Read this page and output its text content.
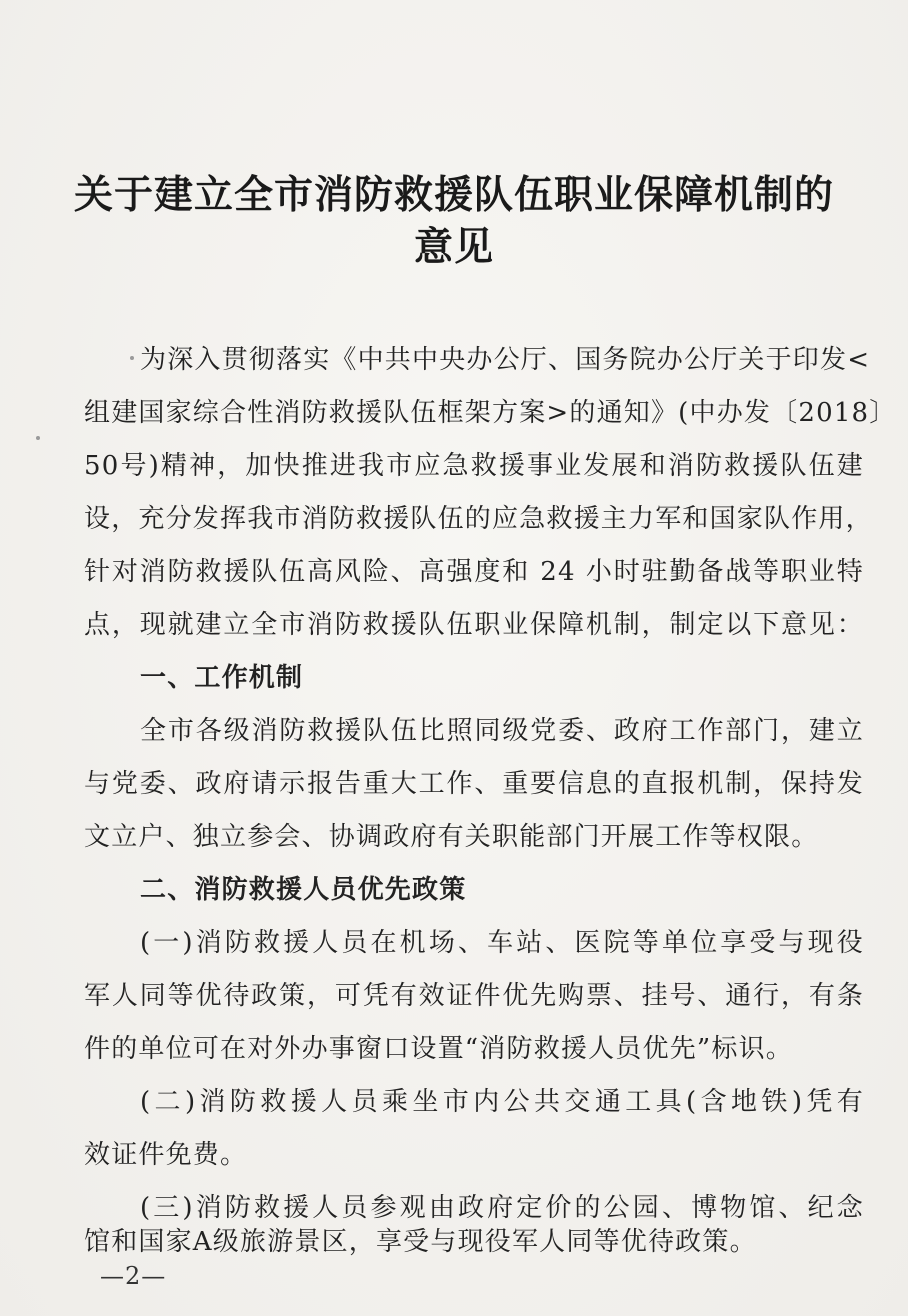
关于建立全市消防救援队伍职业保障机制的
意见
为深入贯彻落实《中共中央办公厅、国务院办公厅关于印发<
组建国家综合性消防救援队伍框架方案>的通知》(中办发〔2018〕
50号)精神，加快推进我市应急救援事业发展和消防救援队伍建
设，充分发挥我市消防救援队伍的应急救援主力军和国家队作用，
针对消防救援队伍高风险、高强度和 24 小时驻勤备战等职业特
点，现就建立全市消防救援队伍职业保障机制，制定以下意见：
一、工作机制
全市各级消防救援队伍比照同级党委、政府工作部门，建立
与党委、政府请示报告重大工作、重要信息的直报机制，保持发
文立户、独立参会、协调政府有关职能部门开展工作等权限。
二、消防救援人员优先政策
(一)消防救援人员在机场、车站、医院等单位享受与现役
军人同等优待政策，可凭有效证件优先购票、挂号、通行，有条
件的单位可在对外办事窗口设置“消防救援人员优先”标识。
(二)消防救援人员乘坐市内公共交通工具(含地铁)凭有
效证件免费。
(三)消防救援人员参观由政府定价的公园、博物馆、纪念
馆和国家A级旅游景区，享受与现役军人同等优待政策。
—2—
